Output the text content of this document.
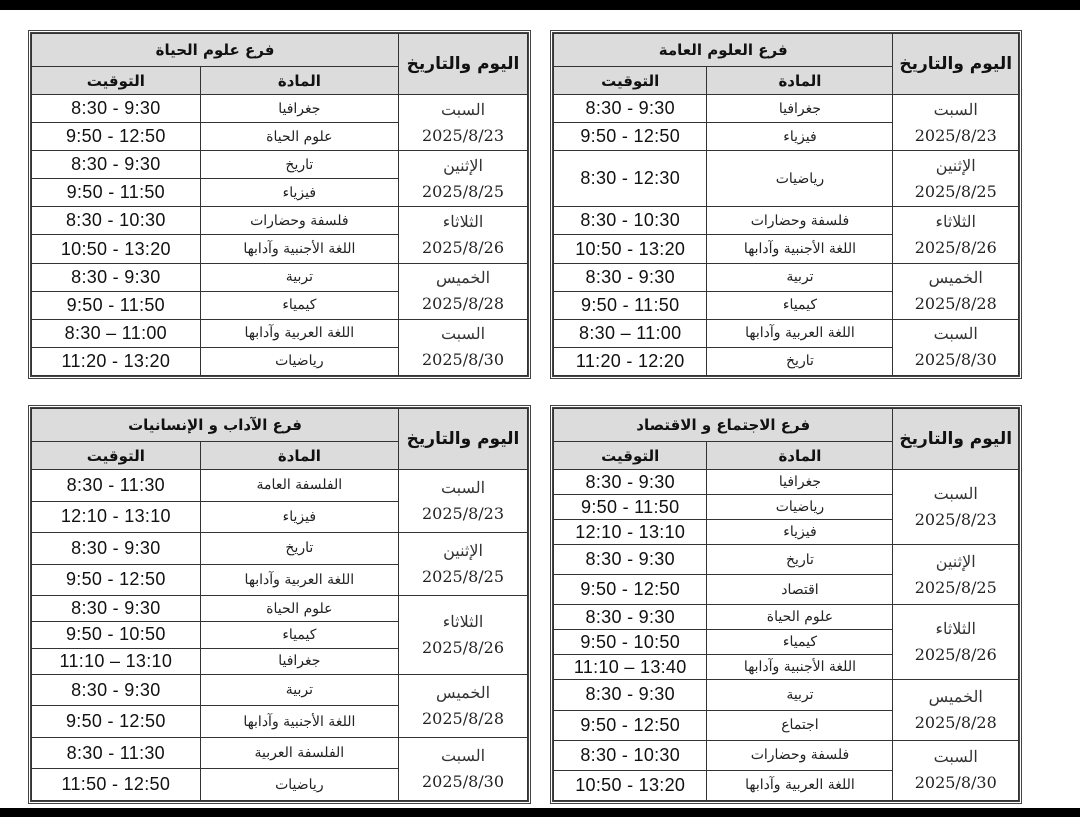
اليوم والتاريخ	فرع علوم الحياة	
	المادة	التوقيت

السبت
2025/8/23	جغرافيا	8:30 - 9:30
	علوم الحياة	9:50 - 12:50

الإثنين
2025/8/25	تاريخ	8:30 - 9:30
	فيزياء	9:50 - 11:50

الثلاثاء
2025/8/26	فلسفة وحضارات	8:30 - 10:30
	اللغة الأجنبية وآدابها	10:50 - 13:20

الخميس
2025/8/28	تربية	8:30 - 9:30
	كيمياء	9:50 - 11:50

السبت
2025/8/30	اللغة العربية وآدابها	8:30 – 11:00
	رياضيات	11:20 - 13:20
اليوم والتاريخ	فرع العلوم العامة	
	المادة	التوقيت

السبت
2025/8/23	جغرافيا	8:30 - 9:30
	فيزياء	9:50 - 12:50

الإثنين
2025/8/25	رياضيات	8:30 - 12:30

الثلاثاء
2025/8/26	فلسفة وحضارات	8:30 - 10:30
	اللغة الأجنبية وآدابها	10:50 - 13:20

الخميس
2025/8/28	تربية	8:30 - 9:30
	كيمياء	9:50 - 11:50

السبت
2025/8/30	اللغة العربية وآدابها	8:30 – 11:00
	تاريخ	11:20 - 12:20
اليوم والتاريخ	فرع الآداب و الإنسانيات	
	المادة	التوقيت

السبت
2025/8/23	الفلسفة العامة	8:30 - 11:30
	فيزياء	12:10 - 13:10

الإثنين
2025/8/25	تاريخ	8:30 - 9:30
	اللغة العربية وآدابها	9:50 - 12:50

الثلاثاء
2025/8/26	علوم الحياة	8:30 - 9:30
	كيمياء	9:50 - 10:50
	جغرافيا	11:10 – 13:10

الخميس
2025/8/28	تربية	8:30 - 9:30
	اللغة الأجنبية وآدابها	9:50 - 12:50

السبت
2025/8/30	الفلسفة العربية	8:30 - 11:30
	رياضيات	11:50 - 12:50
اليوم والتاريخ	فرع الاجتماع و الاقتصاد	
	المادة	التوقيت

السبت
2025/8/23	جغرافيا	8:30 - 9:30
	رياضيات	9:50 - 11:50
	فيزياء	12:10 - 13:10

الإثنين
2025/8/25	تاريخ	8:30 - 9:30
	اقتصاد	9:50 - 12:50

الثلاثاء
2025/8/26	علوم الحياة	8:30 - 9:30
	كيمياء	9:50 - 10:50
	اللغة الأجنبية وآدابها	11:10 – 13:40

الخميس
2025/8/28	تربية	8:30 - 9:30
	اجتماع	9:50 - 12:50

السبت
2025/8/30	فلسفة وحضارات	8:30 - 10:30
	اللغة العربية وآدابها	10:50 - 13:20
